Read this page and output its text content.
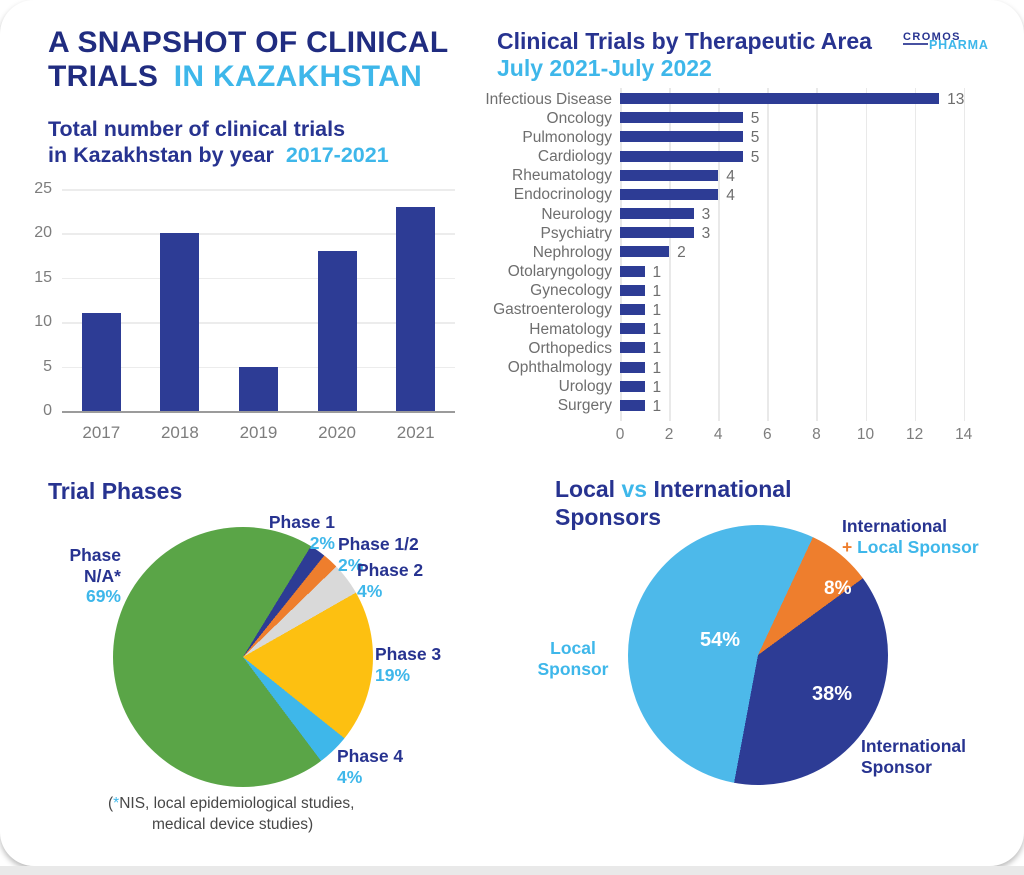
A SNAPSHOT OF CLINICAL
TRIALS IN KAZAKHSTAN
Total number of clinical trials
in Kazakhstan by year 2017-2021
25
20
15
10
5
0
2017	2018	2019	2020	2021
Clinical Trials by Therapeutic Area
July 2021-July 2022
CROMOS
PHARMA
0	2	4	6	8	10	12	14
Infectious Disease	13
Oncology	5
Pulmonology	5
Cardiology	5
Rheumatology	4
Endocrinology	4
Neurology	3
Psychiatry	3
Nephrology	2
Otolaryngology	1
Gynecology	1
Gastroenterology	1
Hematology	1
Orthopedics	1
Ophthalmology	1
Urology	1
Surgery	1
Trial Phases
Phase N/A*
69%
Phase 1
2% Phase 1/2
2%
Phase 2
4%
Phase 3
19%
Phase 4
4%
(*NIS, local epidemiological studies,
medical device studies)
Local vs International
Sponsors
54%
8%
38%
International
+ Local Sponsor
Local
Sponsor
International
Sponsor
